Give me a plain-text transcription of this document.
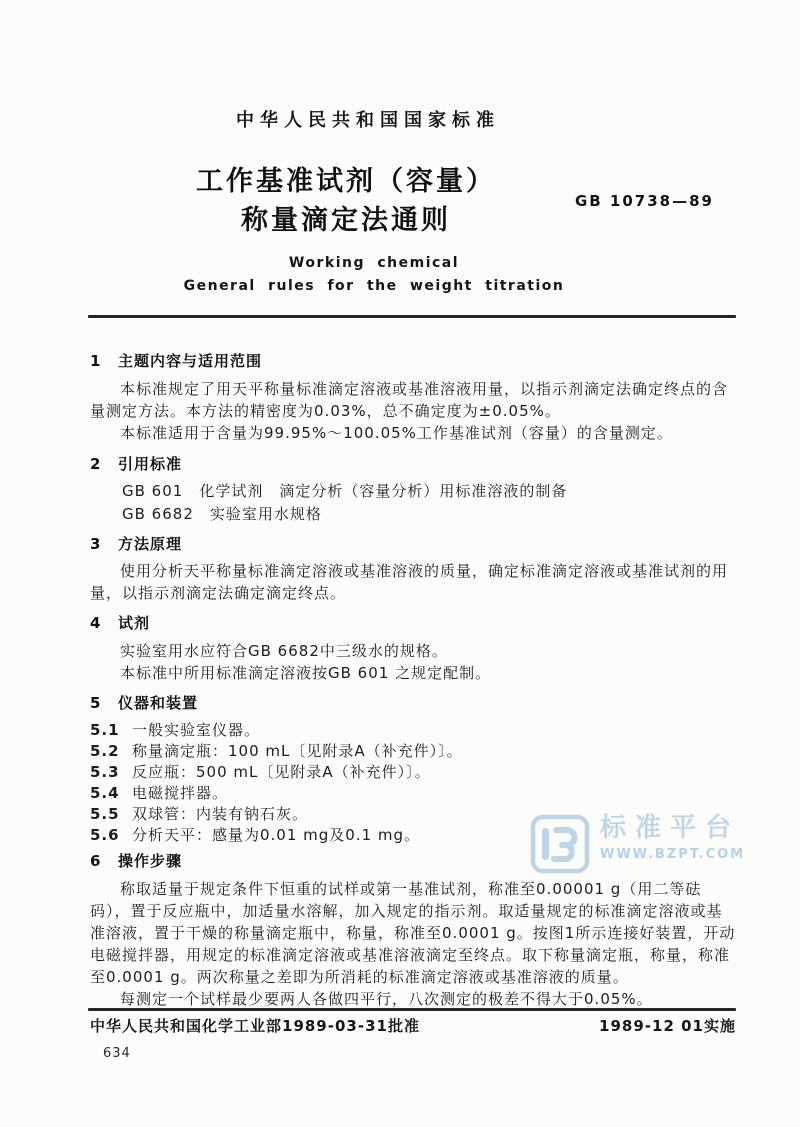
中华人民共和国国家标准
工作基准试剂（容量）
称量滴定法通则
GB 10738—89
Working chemical
General rules for the weight titration
标准平台
WWW.BZPT.COM

1 主题内容与适用范围

本标准规定了用天平称量标准滴定溶液或基准溶液用量，以指示剂滴定法确定终点的含量测定方法。本方法的精密度为0.03%，总不确定度为±0.05%。

本标准适用于含量为99.95%～100.05%工作基准试剂（容量）的含量测定。

2 引用标准

GB 601　化学试剂　滴定分析（容量分析）用标准溶液的制备
GB 6682　实验室用水规格

3 方法原理

使用分析天平称量标准滴定溶液或基准溶液的质量，确定标准滴定溶液或基准试剂的用量，以指示剂滴定法确定滴定终点。

4 试剂

实验室用水应符合GB 6682中三级水的规格。

本标准中所用标准滴定溶液按GB 601 之规定配制。

5 仪器和装置

5.1 一般实验室仪器。
5.2 称量滴定瓶：100 mL〔见附录A（补充件）〕。
5.3 反应瓶：500 mL〔见附录A（补充件）〕。
5.4 电磁搅拌器。
5.5 双球管：内装有钠石灰。
5.6 分析天平：感量为0.01 mg及0.1 mg。

6 操作步骤

称取适量于规定条件下恒重的试样或第一基准试剂，称准至0.00001 g（用二等砝码），置于反应瓶中，加适量水溶解，加入规定的指示剂。取适量规定的标准滴定溶液或基准溶液，置于干燥的称量滴定瓶中，称量，称准至0.0001 g。按图1所示连接好装置，开动电磁搅拌器，用规定的标准滴定溶液或基准溶液滴定至终点。取下称量滴定瓶，称量，称准至0.0001 g。两次称量之差即为所消耗的标准滴定溶液或基准溶液的质量。

每测定一个试样最少要两人各做四平行，八次测定的极差不得大于0.05%。

中华人民共和国化学工业部1989-03-31批准	1989-12 01实施
634
